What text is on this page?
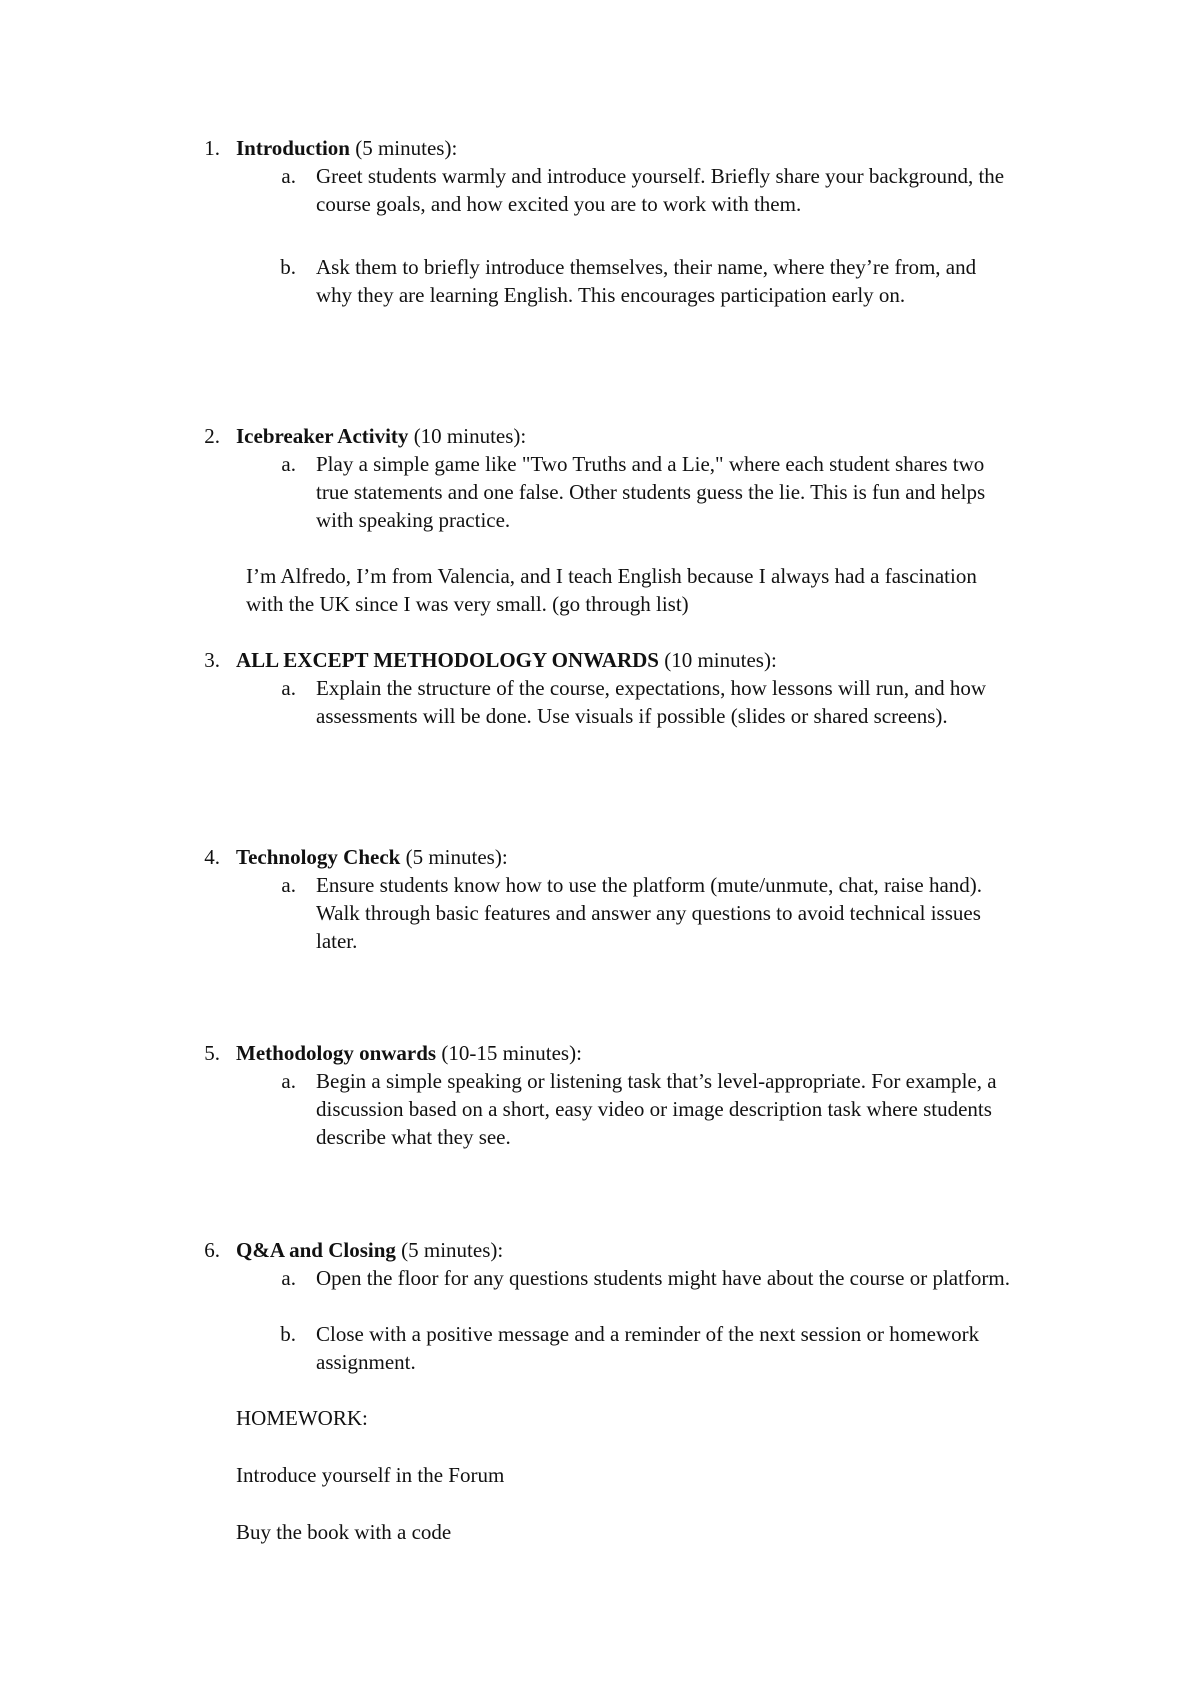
1. Introduction (5 minutes):
a. Greet students warmly and introduce yourself. Briefly share your background, the course goals, and how excited you are to work with them.
b. Ask them to briefly introduce themselves, their name, where they’re from, and why they are learning English. This encourages participation early on.
2. Icebreaker Activity (10 minutes):
a. Play a simple game like "Two Truths and a Lie," where each student shares two true statements and one false. Other students guess the lie. This is fun and helps with speaking practice.
I’m Alfredo, I’m from Valencia, and I teach English because I always had a fascination with the UK since I was very small. (go through list)
3. ALL EXCEPT METHODOLOGY ONWARDS (10 minutes):
a. Explain the structure of the course, expectations, how lessons will run, and how assessments will be done. Use visuals if possible (slides or shared screens).
4. Technology Check (5 minutes):
a. Ensure students know how to use the platform (mute/unmute, chat, raise hand). Walk through basic features and answer any questions to avoid technical issues later.
5. Methodology onwards (10-15 minutes):
a. Begin a simple speaking or listening task that’s level-appropriate. For example, a discussion based on a short, easy video or image description task where students describe what they see.
6. Q&A and Closing (5 minutes):
a. Open the floor for any questions students might have about the course or platform.
b. Close with a positive message and a reminder of the next session or homework assignment.
HOMEWORK:
Introduce yourself in the Forum
Buy the book with a code
